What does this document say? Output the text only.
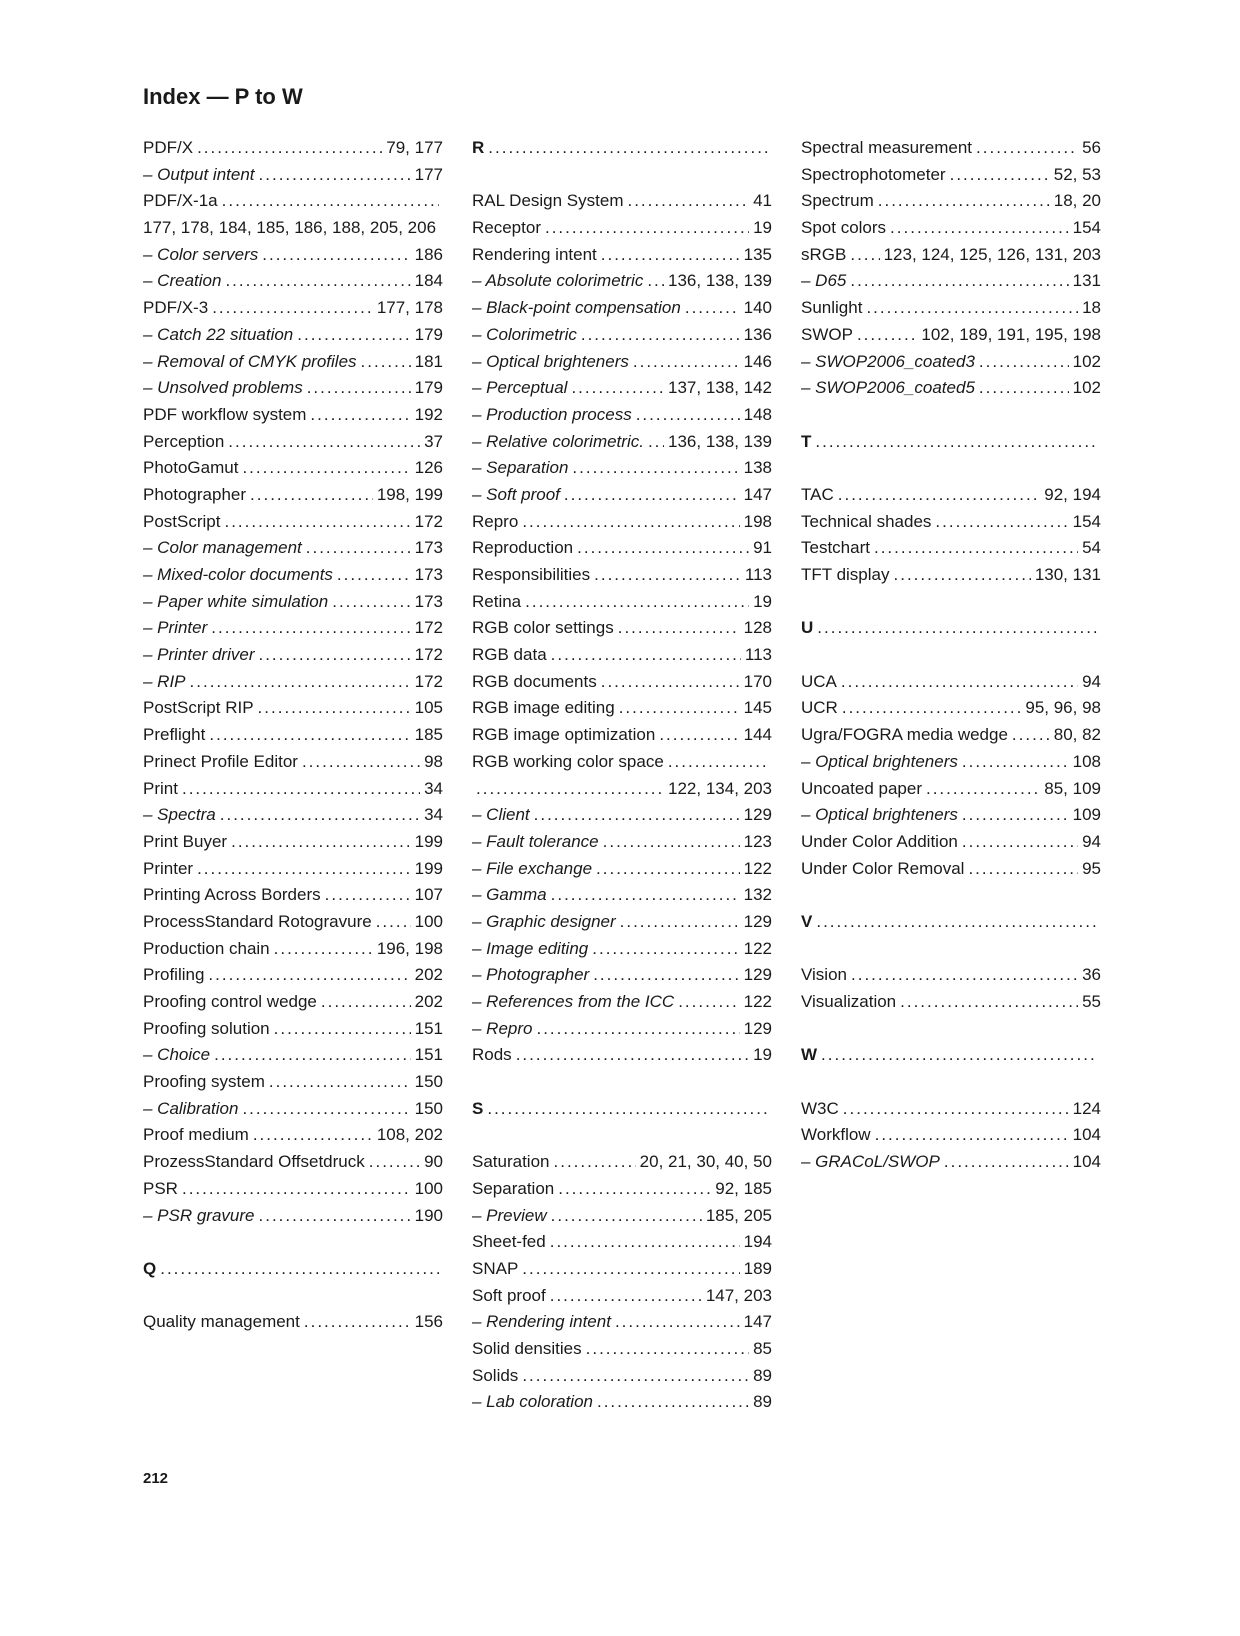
Index — P to W
PDF/X .....	79, 177
– Output intent .....	177
PDF/X-1a
.....
177, 178, 184, 185, 186, 188, 205, 206
– Color servers .....	186
– Creation .....	184
PDF/X-3 .....	177, 178
– Catch 22 situation .....	179
– Removal of CMYK profiles .....	181
– Unsolved problems .....	179
PDF workflow system .....	192
Perception .....	37
PhotoGamut .....	126
Photographer .....	198, 199
PostScript .....	172
– Color management .....	173
– Mixed-color documents .....	173
– Paper white simulation .....	173
– Printer .....	172
– Printer driver .....	172
– RIP .....	172
PostScript RIP .....	105
Preflight .....	185
Prinect Profile Editor .....	98
Print .....	34
– Spectra .....	34
Print Buyer .....	199
Printer .....	199
Printing Across Borders .....	107
ProcessStandard Rotogravure .....	100
Production chain .....	196, 198
Profiling .....	202
Proofing control wedge .....	202
Proofing solution .....	151
– Choice .....	151
Proofing system .....	150
– Calibration .....	150
Proof medium .....	108, 202
ProzessStandard Offsetdruck .....	90
PSR .....	100
– PSR gravure .....	190
Q
.....
Quality management .....	156
R
.....
RAL Design System .....	41
Receptor .....	19
Rendering intent .....	135
– Absolute colorimetric ..... 136, 138, 139
– Black-point compensation .....	140
– Colorimetric .....	136
– Optical brighteners .....	146
– Perceptual .....	137, 138, 142
– Production process .....	148
– Relative colorimetric. ..... 136, 138, 139
– Separation .....	138
– Soft proof .....	147
Repro .....	198
Reproduction .....	91
Responsibilities .....	113
Retina .....	19
RGB color settings .....	128
RGB data .....	113
RGB documents .....	170
RGB image editing .....	145
RGB image optimization .....	144
RGB working color space
.....
.....
122, 134, 203
– Client .....	129
– Fault tolerance .....	123
– File exchange .....	122
– Gamma .....	132
– Graphic designer .....	129
– Image editing .....	122
– Photographer .....	129
– References from the ICC .....	122
– Repro .....	129
Rods .....	19
S
.....
Saturation .....	20, 21, 30, 40, 50
Separation .....	92, 185
– Preview .....	185, 205
Sheet-fed .....	194
SNAP .....	189
Soft proof .....	147, 203
– Rendering intent .....	147
Solid densities .....	85
Solids .....	89
– Lab coloration .....	89
Spectral measurement .....	56
Spectrophotometer .....	52, 53
Spectrum .....	18, 20
Spot colors .....	154
sRGB ..... 123, 124, 125, 126, 131, 203
– D65 .....	131
Sunlight .....	18
SWOP .....	102, 189, 191, 195, 198
– SWOP2006_coated3 .....	102
– SWOP2006_coated5 .....	102
T
.....
TAC .....	92, 194
Technical shades .....	154
Testchart .....	54
TFT display .....	130, 131
U
.....
UCA .....	94
UCR .....	95, 96, 98
Ugra/FOGRA media wedge .....	80, 82
– Optical brighteners .....	108
Uncoated paper .....	85, 109
– Optical brighteners .....	109
Under Color Addition .....	94
Under Color Removal .....	95
V
.....
Vision .....	36
Visualization .....	55
W
.....
W3C .....	124
Workflow .....	104
– GRACoL/SWOP .....	104
212
